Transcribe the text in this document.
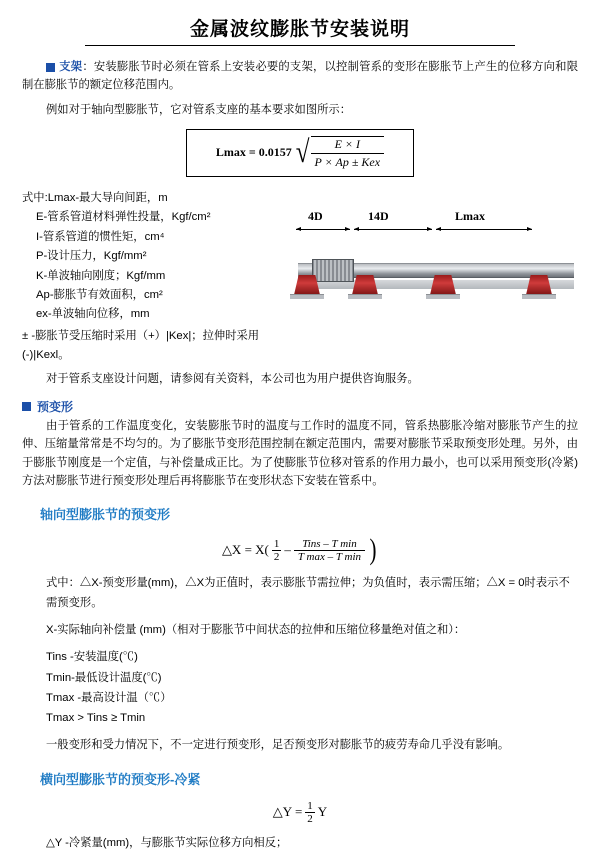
金属波纹膨胀节安装说明
支架：安装膨胀节时必须在管系上安装必要的支架，以控制管系的变形在膨胀节上产生的位移方向和限制在膨胀节的额定位移范围内。
例如对于轴向型膨胀节，它对管系支座的基本要求如图所示：
Lmax = 0.0157 √ $\frac{E \times I}{\text{P × Ap ± Kex}}$
式中:Lmax-最大导向间距，m
E-管系管道材料弹性投量，Kgf/cm²
I-管系管道的惯性矩，cm⁴
P-设计压力，Kgf/mm²
K-单波轴向刚度；Kgf/mm
Ap-膨胀节有效面积，cm²
ex-单波轴向位移，mm
± -膨胀节受压缩时采用（+）|Kex|；拉伸时采用(-)|Kexl。
4D	14D	Lmax
对于管系支座设计问题，请参阅有关资料，本公司也为用户提供咨询服务。
预变形
由于管系的工作温度变化，安装膨胀节时的温度与工作时的温度不同，管系热膨胀冷缩对膨胀节产生的拉伸、压缩量常常是不均匀的。为了膨胀节变形范围控制在额定范围内，需要对膨胀节采取预变形处理。另外，由于膨胀节刚度是一个定值，与补偿量成正比。为了使膨胀节位移对管系的作用力最小，也可以采用预变形(冷紧)方法对膨胀节进行预变形处理后再将膨胀节在变形状态下安装在管系中。
轴向型膨胀节的预变形
△X = $X( \frac{1}{2} - \frac{\text{Tins – T min}}{\text{T max – T min}}$ )
式中：△X-预变形量(mm)，△X为正值时，表示膨胀节需拉伸；为负值时，表示需压缩；△X = 0时表示不需预变形。
X-实际轴向补偿量 (mm)（相对于膨胀节中间状态的拉伸和压缩位移量绝对值之和）：
Tins -安装温度(℃)
Tmin-最低设计温度(℃)
Tmax -最高设计温（℃）
Tmax > Tins ≥ Tmin
一般变形和受力情况下，不一定进行预变形，足否预变形对膨胀节的疲劳寿命几乎没有影响。
横向型膨胀节的预变形-冷紧
△Y = $\frac{1}{2}$ Y
△Y -冷紧量(mm)，与膨胀节实际位移方向相反；
